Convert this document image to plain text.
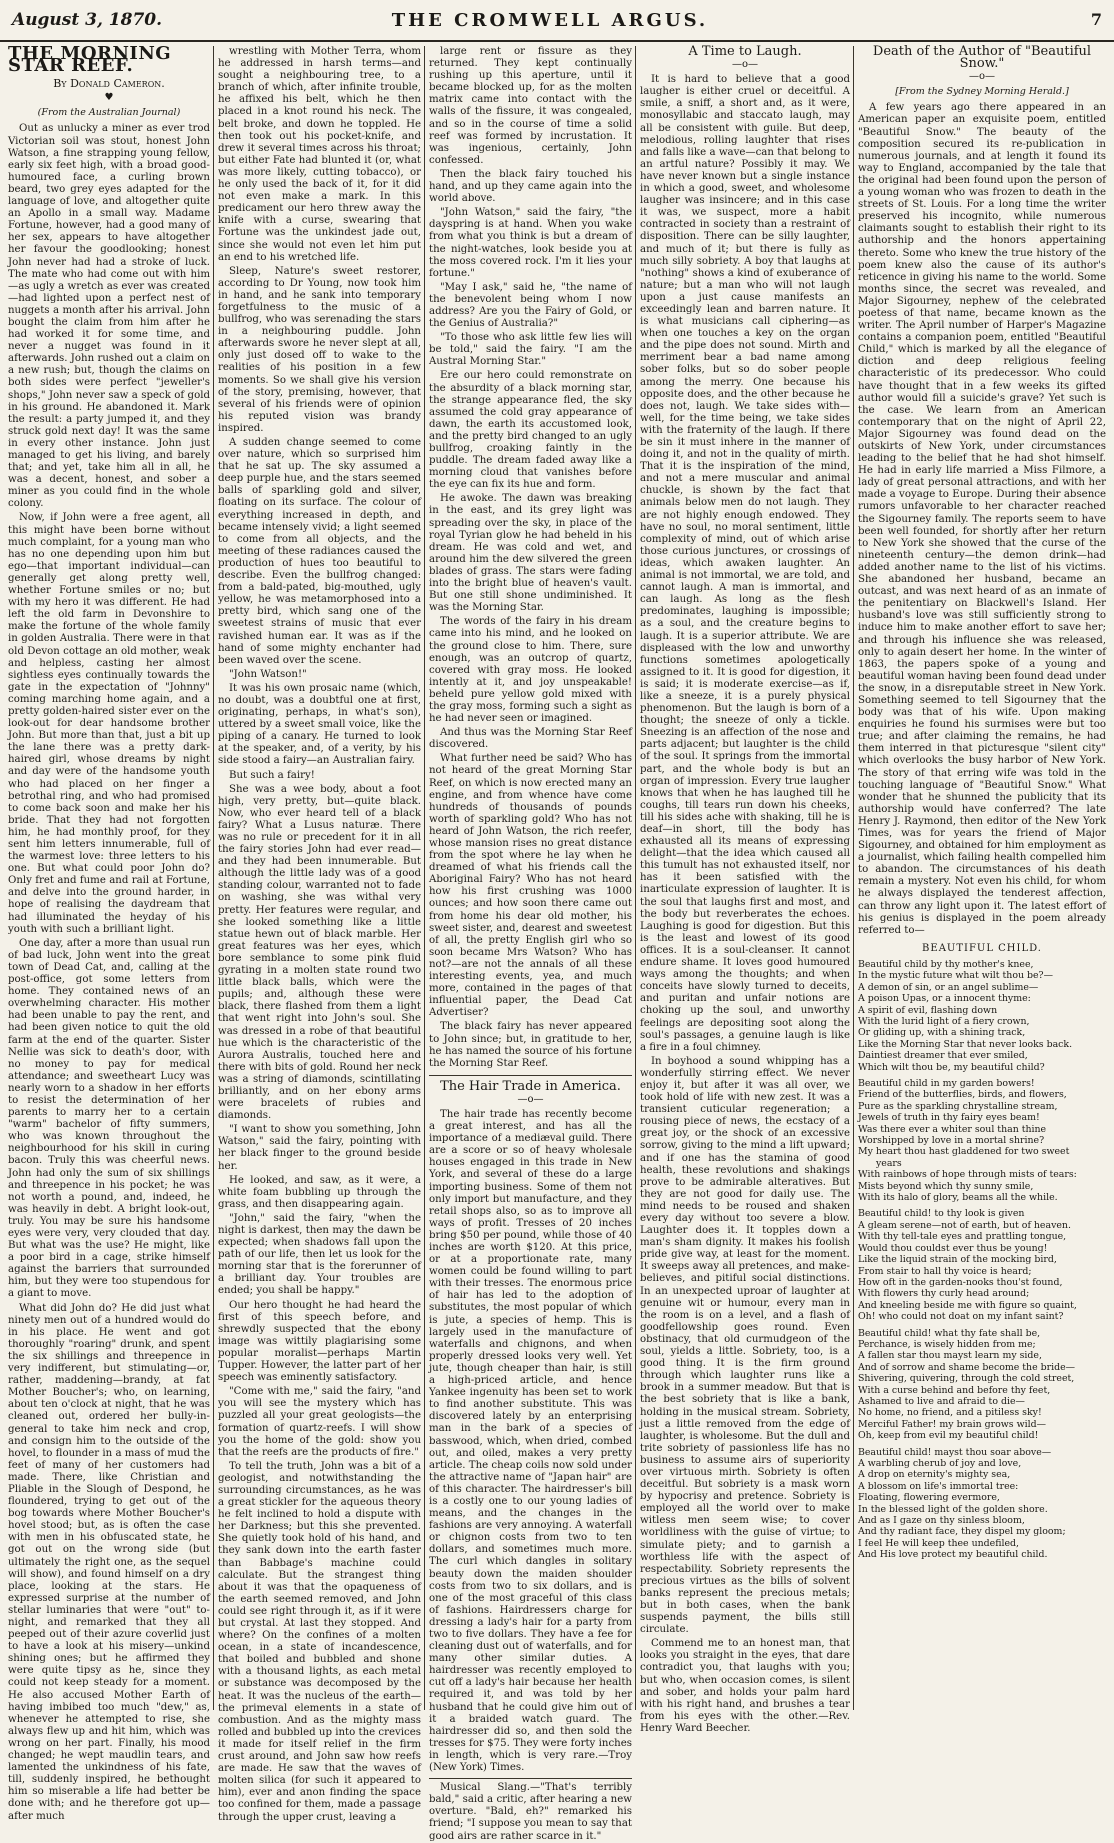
August 3, 1870.	THE CROMWELL ARGUS.	7
THE MORNING STAR REEF.
By Donald Cameron.
♥
(From the Australian Journal)

Out as unlucky a miner as ever trod Victorian soil was stout, honest John Watson, a fine strapping young fellow, early six feet high, with a broad good-humoured face, a curling brown beard, two grey eyes adapted for the language of love, and altogether quite an Apollo in a small way. Madame Fortune, however, had a good many of her sex, appears to have altogether her favour the goodlooking; honest John never had had a stroke of luck. The mate who had come out with him—as ugly a wretch as ever was created—had lighted upon a perfect nest of nuggets a month after his arrival. John bought the claim from him after he had worked it for some time, and never a nugget was found in it afterwards. John rushed out a claim on a new rush; but, though the claims on both sides were perfect "jeweller's shops," John never saw a speck of gold in his ground. He abandoned it. Mark the result: a party jumped it, and they struck gold next day! It was the same in every other instance. John just managed to get his living, and barely that; and yet, take him all in all, he was a decent, honest, and sober a miner as you could find in the whole colony.

Now, if John were a free agent, all this might have been borne without much complaint, for a young man who has no one depending upon him but ego—that important individual—can generally get along pretty well, whether Fortune smiles or no; but with my hero it was different. He had left the old farm in Devonshire to make the fortune of the whole family in golden Australia. There were in that old Devon cottage an old mother, weak and helpless, casting her almost sightless eyes continually towards the gate in the expectation of "Johnny" coming marching home again, and a pretty golden-haired sister ever on the look-out for dear handsome brother John. But more than that, just a bit up the lane there was a pretty dark-haired girl, whose dreams by night and day were of the handsome youth who had placed on her finger a betrothal ring, and who had promised to come back soon and make her his bride. That they had not forgotten him, he had monthly proof, for they sent him letters innumerable, full of the warmest love: three letters to his one. But what could poor John do? Only fret and fume and rail at Fortune, and delve into the ground harder, in hope of realising the daydream that had illuminated the heyday of his youth with such a brilliant light.

One day, after a more than usual run of bad luck, John went into the great town of Dead Cat, and, calling at the post-office, got some letters from home. They contained news of an overwhelming character. His mother had been unable to pay the rent, and had been given notice to quit the old farm at the end of the quarter. Sister Nellie was sick to death's door, with no money to pay for medical attendance; and sweetheart Lucy was nearly worn to a shadow in her efforts to resist the determination of her parents to marry her to a certain "warm" bachelor of fifty summers, who was known throughout the neighbourhood for his skill in curing bacon. Truly this was cheerful news. John had only the sum of six shillings and threepence in his pocket; he was not worth a pound, and, indeed, he was heavily in debt. A bright look-out, truly. You may be sure his handsome eyes were very, very clouded that day. But what was the use? He might, like a poor bird in a cage, strike himself against the barriers that surrounded him, but they were too stupendous for a giant to move.

What did John do? He did just what ninety men out of a hundred would do in his place. He went and got thoroughly "roaring" drunk, and spent the six shillings and threepence in very indifferent, but stimulating—or, rather, maddening—brandy, at fat Mother Boucher's; who, on learning, about ten o'clock at night, that he was cleaned out, ordered her bully-in-general to take him neck and crop, and consign him to the outside of the hovel, to flounder in a mass of mud the feet of many of her customers had made. There, like Christian and Pliable in the Slough of Despond, he floundered, trying to get out of the bog towards where Mother Boucher's hovel stood; but, as is often the case with men in his obfuscated state, he got out on the wrong side (but ultimately the right one, as the sequel will show), and found himself on a dry place, looking at the stars. He expressed surprise at the number of stellar luminaries that were "out" to-night, and remarked that they all peeped out of their azure coverlid just to have a look at his misery—unkind shining ones; but he affirmed they were quite tipsy as he, since they could not keep steady for a moment. He also accused Mother Earth of having imbibed too much "dew," as, whenever he attempted to rise, she always flew up and hit him, which was wrong on her part. Finally, his mood changed; he wept maudlin tears, and lamented the unkindness of his fate, till, suddenly inspired, he bethought him so miserable a life had better be done with; and he therefore got up—after much

wrestling with Mother Terra, whom he addressed in harsh terms—and sought a neighbouring tree, to a branch of which, after infinite trouble, he affixed his belt, which he then placed in a knot round his neck. The belt broke, and down he toppled. He then took out his pocket-knife, and drew it several times across his throat; but either Fate had blunted it (or, what was more likely, cutting tobacco), or he only used the back of it, for it did not even make a mark. In this predicament our hero threw away the knife with a curse, swearing that Fortune was the unkindest jade out, since she would not even let him put an end to his wretched life.

Sleep, Nature's sweet restorer, according to Dr Young, now took him in hand, and he sank into temporary forgetfulness to the music of a bullfrog, who was serenading the stars in a neighbouring puddle. John afterwards swore he never slept at all, only just dosed off to wake to the realities of his position in a few moments. So we shall give his version of the story, premising, however, that several of his friends were of opinion his reputed vision was brandy inspired.

A sudden change seemed to come over nature, which so surprised him that he sat up. The sky assumed a deep purple hue, and the stars seemed balls of sparkling gold and silver, floating on its surface. The colour of everything increased in depth, and became intensely vivid; a light seemed to come from all objects, and the meeting of these radiances caused the production of hues too beautiful to describe. Even the bullfrog changed: from a bald-pated, big-mouthed, ugly yellow, he was metamorphosed into a pretty bird, which sang one of the sweetest strains of music that ever ravished human ear. It was as if the hand of some mighty enchanter had been waved over the scene.

"John Watson!"

It was his own prosaic name (which, no doubt, was a doubtful one at first, originating, perhaps, in what's son), uttered by a sweet small voice, like the piping of a canary. He turned to look at the speaker, and, of a verity, by his side stood a fairy—an Australian fairy.

But such a fairy!

She was a wee body, about a foot high, very pretty, but—quite black. Now, who ever heard tell of a black fairy? What a Lusus naturæ. There was no rule or precedent for it in all the fairy stories John had ever read—and they had been innumerable. But although the little lady was of a good standing colour, warranted not to fade on washing, she was withal very pretty. Her features were regular, and she looked something like a little statue hewn out of black marble. Her great features was her eyes, which bore semblance to some pink fluid gyrating in a molten state round two little black balls, which were the pupils; and, although these were black, there flashed from them a light that went right into John's soul. She was dressed in a robe of that beautiful hue which is the characteristic of the Aurora Australis, touched here and there with bits of gold. Round her neck was a string of diamonds, scintillating brilliantly, and on her ebony arms were bracelets of rubies and diamonds.

"I want to show you something, John Watson," said the fairy, pointing with her black finger to the ground beside her.

He looked, and saw, as it were, a white foam bubbling up through the grass, and then disappearing again.

"John," said the fairy, "when the night is darkest, then may the dawn be expected; when shadows fall upon the path of our life, then let us look for the morning star that is the forerunner of a brilliant day. Your troubles are ended; you shall be happy."

Our hero thought he had heard the first of this speech before, and shrewdly suspected that the ebony image was wittily plagiarising some popular moralist—perhaps Martin Tupper. However, the latter part of her speech was eminently satisfactory.

"Come with me," said the fairy, "and you will see the mystery which has puzzled all your great geologists—the formation of quartz-reefs. I will show you the home of the gold: show you that the reefs are the products of fire."

To tell the truth, John was a bit of a geologist, and notwithstanding the surrounding circumstances, as he was a great stickler for the aqueous theory he felt inclined to hold a dispute with her Darkness; but this she prevented. She quietly took hold of his hand, and they sank down into the earth faster than Babbage's machine could calculate. But the strangest thing about it was that the opaqueness of the earth seemed removed, and John could see right through it, as if it were but crystal. At last they stopped. And where? On the confines of a molten ocean, in a state of incandescence, that boiled and bubbled and shone with a thousand lights, as each metal or substance was decomposed by the heat. It was the nucleus of the earth—the primeval elements in a state of combustion. And as the mighty mass rolled and bubbled up into the crevices it made for itself relief in the firm crust around, and John saw how reefs are made. He saw that the waves of molten silica (for such it appeared to him), ever and anon finding the space too confined for them, made a passage through the upper crust, leaving a

large rent or fissure as they returned. They kept continually rushing up this aperture, until it became blocked up, for as the molten matrix came into contact with the walls of the fissure, it was congealed, and so in the course of time a solid reef was formed by incrustation. It was ingenious, certainly, John confessed.

Then the black fairy touched his hand, and up they came again into the world above.

"John Watson," said the fairy, "the dayspring is at hand. When you wake from what you think is but a dream of the night-watches, look beside you at the moss covered rock. I'm it lies your fortune."

"May I ask," said he, "the name of the benevolent being whom I now address? Are you the Fairy of Gold, or the Genius of Australia?"

"To those who ask little few lies will be told," said the fairy. "I am the Austral Morning Star."

Ere our hero could remonstrate on the absurdity of a black morning star, the strange appearance fled, the sky assumed the cold gray appearance of dawn, the earth its accustomed look, and the pretty bird changed to an ugly bullfrog, croaking faintly in the puddle. The dream faded away like a morning cloud that vanishes before the eye can fix its hue and form.

He awoke. The dawn was breaking in the east, and its grey light was spreading over the sky, in place of the royal Tyrian glow he had beheld in his dream. He was cold and wet, and around him the dew silvered the green blades of grass. The stars were fading into the bright blue of heaven's vault. But one still shone undiminished. It was the Morning Star.

The words of the fairy in his dream came into his mind, and he looked on the ground close to him. There, sure enough, was an outcrop of quartz, covered with gray moss. He looked intently at it, and joy unspeakable! beheld pure yellow gold mixed with the gray moss, forming such a sight as he had never seen or imagined.

And thus was the Morning Star Reef discovered.

What further need be said? Who has not heard of the great Morning Star Reef, on which is now erected many an engine, and from whence have come hundreds of thousands of pounds worth of sparkling gold? Who has not heard of John Watson, the rich reefer, whose mansion rises no great distance from the spot where he lay when he dreamed of what his friends call the Aboriginal Fairy? Who has not heard how his first crushing was 1000 ounces; and how soon there came out from home his dear old mother, his sweet sister, and, dearest and sweetest of all, the pretty English girl who so soon became Mrs Watson? Who has not?—are not the annals of all these interesting events, yea, and much more, contained in the pages of that influential paper, the Dead Cat Advertiser?

The black fairy has never appeared to John since; but, in gratitude to her, he has named the source of his fortune the Morning Star Reef.

The Hair Trade in America.
—o—

The hair trade has recently become a great interest, and has all the importance of a mediæval guild. There are a score or so of heavy wholesale houses engaged in this trade in New York, and several of these do a large importing business. Some of them not only import but manufacture, and they retail shops also, so as to improve all ways of profit. Tresses of 20 inches bring $50 per pound, while those of 40 inches are worth $120. At this price, or at a proportionate rate, many women could be found willing to part with their tresses. The enormous price of hair has led to the adoption of substitutes, the most popular of which is jute, a species of hemp. This is largely used in the manufacture of waterfalls and chignons, and when properly dressed looks very well. Yet jute, though cheaper than hair, is still a high-priced article, and hence Yankee ingenuity has been set to work to find another substitute. This was discovered lately by an enterprising man in the bark of a species of basswood, which, when dried, combed out, and oiled, makes a very pretty article. The cheap coils now sold under the attractive name of "Japan hair" are of this character. The hairdresser's bill is a costly one to our young ladies of means, and the changes in the fashions are very annoying. A waterfall or chignon costs from two to ten dollars, and sometimes much more. The curl which dangles in solitary beauty down the maiden shoulder costs from two to six dollars, and is one of the most graceful of this class of fashions. Hairdressers charge for dressing a lady's hair for a party from two to five dollars. They have a fee for cleaning dust out of waterfalls, and for many other similar duties. A hairdresser was recently employed to cut off a lady's hair because her health required it, and was told by her husband that he could give him out of it a braided watch guard. The hairdresser did so, and then sold the tresses for $75. They were forty inches in length, which is very rare.—Troy (New York) Times.

Musical Slang.—"That's terribly bald," said a critic, after hearing a new overture. "Bald, eh?" remarked his friend; "I suppose you mean to say that good airs are rather scarce in it."

A Time to Laugh.
—o—

It is hard to believe that a good laugher is either cruel or deceitful. A smile, a sniff, a short and, as it were, monosyllabic and staccato laugh, may all be consistent with guile. But deep, melodious, rolling laughter that rises and falls like a wave—can that belong to an artful nature? Possibly it may. We have never known but a single instance in which a good, sweet, and wholesome laugher was insincere; and in this case it was, we suspect, more a habit contracted in society than a restraint of disposition. There can be silly laughter, and much of it; but there is fully as much silly sobriety. A boy that laughs at "nothing" shows a kind of exuberance of nature; but a man who will not laugh upon a just cause manifests an exceedingly lean and barren nature. It is what musicians call ciphering—as when one touches a key on the organ and the pipe does not sound. Mirth and merriment bear a bad name among sober folks, but so do sober people among the merry. One because his opposite does, and the other because he does not, laugh. We take sides with—well, for the time being, we take sides with the fraternity of the laugh. If there be sin it must inhere in the manner of doing it, and not in the quality of mirth. That it is the inspiration of the mind, and not a mere muscular and animal chuckle, is shown by the fact that animals below men do not laugh. They are not highly enough endowed. They have no soul, no moral sentiment, little complexity of mind, out of which arise those curious junctures, or crossings of ideas, which awaken laughter. An animal is not immortal, we are told, and cannot laugh. A man is immortal, and can laugh. As long as the flesh predominates, laughing is impossible; as a soul, and the creature begins to laugh. It is a superior attribute. We are displeased with the low and unworthy functions sometimes apologetically assigned to it. It is good for digestion, it is said; it is moderate exercise—as if, like a sneeze, it is a purely physical phenomenon. But the laugh is born of a thought; the sneeze of only a tickle. Sneezing is an affection of the nose and parts adjacent; but laughter is the child of the soul. It springs from the immortal part, and the whole body is but an organ of impression. Every true laugher knows that when he has laughed till he coughs, till tears run down his cheeks, till his sides ache with shaking, till he is deaf—in short, till the body has exhausted all its means of expressing delight—that the idea which caused all this tumult has not exhausted itself, nor has it been satisfied with the inarticulate expression of laughter. It is the soul that laughs first and most, and the body but reverberates the echoes. Laughing is good for digestion. But this is the least and lowest of its good offices. It is a soul-cleanser. It cannot endure shame. It loves good humoured ways among the thoughts; and when conceits have slowly turned to deceits, and puritan and unfair notions are choking up the soul, and unworthy feelings are depositing soot along the soul's passages, a genuine laugh is like a fire in a foul chimney.

In boyhood a sound whipping has a wonderfully stirring effect. We never enjoy it, but after it was all over, we took hold of life with new zest. It was a transient cuticular regeneration; a rousing piece of news, the ecstacy of a great joy, or the shock of an excessive sorrow, giving to the mind a lift upward; and if one has the stamina of good health, these revolutions and shakings prove to be admirable alteratives. But they are not good for daily use. The mind needs to be roused and shaken every day without too severe a blow. Laughter does it. It topples down a man's sham dignity. It makes his foolish pride give way, at least for the moment. It sweeps away all pretences, and make-believes, and pitiful social distinctions. In an unexpected uproar of laughter at genuine wit or humour, every man in the room is on a level, and a flash of goodfellowship goes round. Even obstinacy, that old curmudgeon of the soul, yields a little. Sobriety, too, is a good thing. It is the firm ground through which laughter runs like a brook in a summer meadow. But that is the best sobriety that is like a bank, holding in the musical stream. Sobriety, just a little removed from the edge of laughter, is wholesome. But the dull and trite sobriety of passionless life has no business to assume airs of superiority over virtuous mirth. Sobriety is often deceitful. But sobriety is a mask worn by hypocrisy and pretence. Sobriety is employed all the world over to make witless men seem wise; to cover worldliness with the guise of virtue; to simulate piety; and to garnish a worthless life with the aspect of respectability. Sobriety represents the precious virtues as the bills of solvent banks represent the precious metals; but in both cases, when the bank suspends payment, the bills still circulate.

Commend me to an honest man, that looks you straight in the eyes, that dare contradict you, that laughs with you; but who, when occasion comes, is silent and sober, and holds your palm hard with his right hand, and brushes a tear from his eyes with the other.—Rev. Henry Ward Beecher.

Death of the Author of "Beautiful Snow."
—o—
[From the Sydney Morning Herald.]

A few years ago there appeared in an American paper an exquisite poem, entitled "Beautiful Snow." The beauty of the composition secured its re-publication in numerous journals, and at length it found its way to England, accompanied by the tale that the original had been found upon the person of a young woman who was frozen to death in the streets of St. Louis. For a long time the writer preserved his incognito, while numerous claimants sought to establish their right to its authorship and the honors appertaining thereto. Some who knew the true history of the poem knew also the cause of its author's reticence in giving his name to the world. Some months since, the secret was revealed, and Major Sigourney, nephew of the celebrated poetess of that name, became known as the writer. The April number of Harper's Magazine contains a companion poem, entitled "Beautiful Child," which is marked by all the elegance of diction and deep religious feeling characteristic of its predecessor. Who could have thought that in a few weeks its gifted author would fill a suicide's grave? Yet such is the case. We learn from an American contemporary that on the night of April 22, Major Sigourney was found dead on the outskirts of New York, under circumstances leading to the belief that he had shot himself. He had in early life married a Miss Filmore, a lady of great personal attractions, and with her made a voyage to Europe. During their absence rumors unfavorable to her character reached the Sigourney family. The reports seem to have been well founded, for shortly after her return to New York she showed that the curse of the nineteenth century—the demon drink—had added another name to the list of his victims. She abandoned her husband, became an outcast, and was next heard of as an inmate of the penitentiary on Blackwell's Island. Her husband's love was still sufficiently strong to induce him to make another effort to save her; and through his influence she was released, only to again desert her home. In the winter of 1863, the papers spoke of a young and beautiful woman having been found dead under the snow, in a disreputable street in New York. Something seemed to tell Sigourney that the body was that of his wife. Upon making enquiries he found his surmises were but too true; and after claiming the remains, he had them interred in that picturesque "silent city" which overlooks the busy harbor of New York. The story of that erring wife was told in the touching language of "Beautiful Snow." What wonder that he shunned the publicity that its authorship would have conferred? The late Henry J. Raymond, then editor of the New York Times, was for years the friend of Major Sigourney, and obtained for him employment as a journalist, which failing health compelled him to abandon. The circumstances of his death remain a mystery. Not even his child, for whom he always displayed the tenderest affection, can throw any light upon it. The latest effort of his genius is displayed in the poem already referred to—

BEAUTIFUL CHILD.
Beautiful child by thy mother's knee,
In the mystic future what wilt thou be?—
A demon of sin, or an angel sublime—
A poison Upas, or a innocent thyme:
A spirit of evil, flashing down
With the lurid light of a fiery crown,
Or gliding up, with a shining track,
Like the Morning Star that never looks back.
Daintiest dreamer that ever smiled,
Which wilt thou be, my beautiful child?
Beautiful child in my garden bowers!
Friend of the butterflies, birds, and flowers,
Pure as the sparkling chrystalline stream,
Jewels of truth in thy fairy eyes beam!
Was there ever a whiter soul than thine
Worshipped by love in a mortal shrine?
My heart thou hast gladdened for two sweet
years
With rainbows of hope through mists of tears:
Mists beyond which thy sunny smile,
With its halo of glory, beams all the while.
Beautiful child! to thy look is given
A gleam serene—not of earth, but of heaven.
With thy tell-tale eyes and prattling tongue,
Would thou couldst ever thus be young!
Like the liquid strain of the mocking bird,
From stair to hall thy voice is heard;
How oft in the garden-nooks thou'st found,
With flowers thy curly head around;
And kneeling beside me with figure so quaint,
Oh! who could not doat on my infant saint?
Beautiful child! what thy fate shall be,
Perchance, is wisely hidden from me;
A fallen star thou mayst learn my side,
And of sorrow and shame become the bride—
Shivering, quivering, through the cold street,
With a curse behind and before thy feet,
Ashamed to live and afraid to die—
No home, no friend, and a pitiless sky!
Merciful Father! my brain grows wild—
Oh, keep from evil my beautiful child!
Beautiful child! mayst thou soar above—
A warbling cherub of joy and love,
A drop on eternity's mighty sea,
A blossom on life's immortal tree:
Floating, flowering evermore,
In the blessed light of the golden shore.
And as I gaze on thy sinless bloom,
And thy radiant face, they dispel my gloom;
I feel He will keep thee undefiled,
And His love protect my beautiful child.
